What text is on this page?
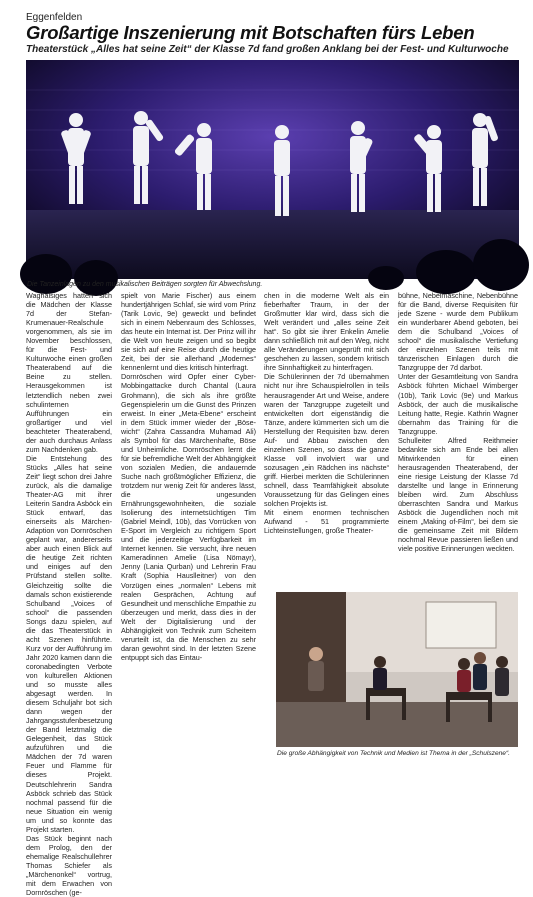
Eggenfelden
Großartige Inszenierung mit Botschaften fürs Leben
Theaterstück „Alles hat seine Zeit“ der Klasse 7d fand großen Anklang bei der Fest- und Kulturwoche
Die Tanzeinlagen zu den musikalischen Beiträgen sorgten für Abwechslung.

Waghalsiges hatten sich die Mädchen der Klasse 7d der Stefan-Krumenauer-Realschule vorgenommen, als sie im November beschlossen, für die Fest- und Kulturwoche einen großen Theaterabend auf die Beine zu stellen. Herausgekommen ist letztendlich neben zwei schulinternen Aufführungen ein großartiger und viel beachteter Theaterabend, der auch durchaus Anlass zum Nachdenken gab.

Die Entstehung des Stücks „Alles hat seine Zeit“ liegt schon drei Jahre zurück, als die damalige Theater-AG mit ihrer Leiterin Sandra Asböck ein Stück entwarf, das einerseits als Märchen-Adaption von Dornröschen geplant war, andererseits aber auch einen Blick auf die heutige Zeit richten und einiges auf den Prüfstand stellen sollte. Gleichzeitig sollte die damals schon existierende Schulband „Voices of school“ die passenden Songs dazu spielen, auf die das Theaterstück in acht Szenen hinführte. Kurz vor der Aufführung im Jahr 2020 kamen dann die coronabedingten Verbote von kulturellen Aktionen und so musste alles abgesagt werden. In diesem Schuljahr bot sich dann wegen der Jahrgangsstufenbesetzung der Band letztmalig die Gelegenheit, das Stück aufzuführen und die Mädchen der 7d waren Feuer und Flamme für dieses Projekt. Deutschlehrerin Sandra Asböck schrieb das Stück nochmal passend für die neue Situation ein wenig um und so konnte das Projekt starten.

Das Stück beginnt nach dem Prolog, den der ehemalige Realschullehrer Thomas Schiefer als „Märchenonkel“ vortrug, mit dem Erwachen von Dornröschen (ge-

spielt von Marie Fischer) aus einem hundertjährigen Schlaf, sie wird vom Prinz (Tarik Lovic, 9e) geweckt und befindet sich in einem Nebenraum des Schlosses, das heute ein Internat ist. Der Prinz will ihr die Welt von heute zeigen und so begibt sie sich auf eine Reise durch die heutige Zeit, bei der sie allerhand „Modernes“ kennenlernt und dies kritisch hinterfragt.

Dornröschen wird Opfer einer Cyber-Mobbingattacke durch Chantal (Laura Grohmann), die sich als ihre größte Gegenspielerin um die Gunst des Prinzen erweist. In einer „Meta-Ebene“ erscheint in dem Stück immer wieder der „Böse-wicht“ (Zahra Cassandra Muhamad Ali) als Symbol für das Märchenhafte, Böse und Unheimliche. Dornröschen lernt die für sie befremdliche Welt der Abhängigkeit von sozialen Medien, die andauernde Suche nach größtmöglicher Effizienz, die trotzdem nur wenig Zeit für anderes lässt, die ungesunden Ernährungsgewohnheiten, die soziale Isolierung des internetsüchtigen Tim (Gabriel Meindl, 10b), das Vorrücken von E-Sport im Vergleich zu richtigem Sport und die jederzeitige Verfügbarkeit im Internet kennen. Sie versucht, ihre neuen Kameradinnen Amelie (Lisa Nömayr), Jenny (Lania Qurban) und Lehrerin Frau Kraft (Sophia Hauslleitner) von den Vorzügen eines „normalen“ Lebens mit realen Gesprächen, Achtung auf Gesundheit und menschliche Empathie zu überzeugen und merkt, dass dies in der Welt der Digitalisierung und der Abhängigkeit von Technik zum Scheitern verurteilt ist, da die Menschen zu sehr daran gewohnt sind. In der letzten Szene entpuppt sich das Eintau-

chen in die moderne Welt als ein fieberhafter Traum, in der der Großmutter klar wird, dass sich die Welt verändert und „alles seine Zeit hat“. So gibt sie ihrer Enkelin Amelie dann schließlich mit auf den Weg, nicht alle Veränderungen ungeprüft mit sich geschehen zu lassen, sondern kritisch ihre Sinnhaftigkeit zu hinterfragen.

Die Schülerinnen der 7d übernahmen nicht nur ihre Schauspielrollen in teils herausragender Art und Weise, andere waren der Tanzgruppe zugeteilt und entwickelten dort eigenständig die Tänze, andere kümmerten sich um die Herstellung der Requisiten bzw. deren Auf- und Abbau zwischen den einzelnen Szenen, so dass die ganze Klasse voll involviert war und sozusagen „ein Rädchen ins nächste“ griff. Hierbei merkten die Schülerinnen schnell, dass Teamfähigkeit absolute Voraussetzung für das Gelingen eines solchen Projekts ist.

Mit einem enormen technischen Aufwand - 51 programmierte Lichteinstellungen, große Theater-

bühne, Nebelmaschine, Nebenbühne für die Band, diverse Requisiten für jede Szene - wurde dem Publikum ein wunderbarer Abend geboten, bei dem die Schulband „Voices of school“ die musikalische Vertiefung der einzelnen Szenen teils mit tänzerischen Einlagen durch die Tanzgruppe der 7d darbot.

Unter der Gesamtleitung von Sandra Asböck führten Michael Wimberger (10b), Tarik Lovic (9e) und Markus Asböck, der auch die musikalische Leitung hatte, Regie. Kathrin Wagner übernahm das Training für die Tanzgruppe.

Schulleiter Alfred Reithmeier bedankte sich am Ende bei allen Mitwirkenden für einen herausragenden Theaterabend, der eine riesige Leistung der Klasse 7d darstellte und lange in Erinnerung bleiben wird. Zum Abschluss überraschten Sandra und Markus Asböck die Jugendlichen noch mit einem „Making of-Film“, bei dem sie die gemeinsame Zeit mit Bildern nochmal Revue passieren ließen und viele positive Erinnerungen weckten.

Die große Abhängigkeit von Technik und Medien ist Thema in der „Schulszene“.
